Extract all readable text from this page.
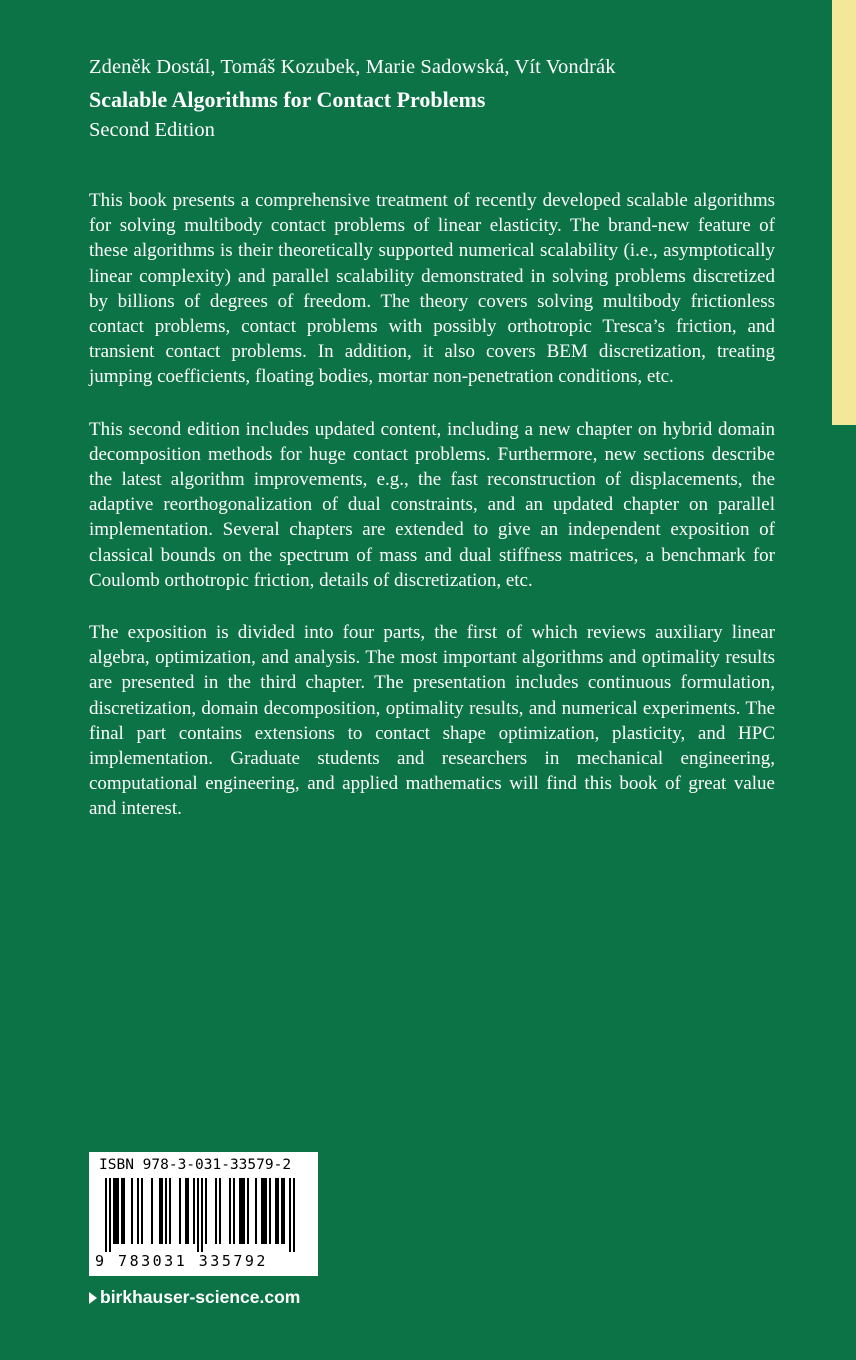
Zdeněk Dostál, Tomáš Kozubek, Marie Sadowská, Vít Vondrák
Scalable Algorithms for Contact Problems
Second Edition

This book presents a comprehensive treatment of recently developed scalable algorithms for solving multibody contact problems of linear elasticity. The brand-new feature of these algorithms is their theoretically supported numerical scalability (i.e., asymptotically linear complexity) and parallel scalability demonstrated in solving problems discretized by billions of degrees of freedom. The theory covers solving multibody frictionless contact problems, contact problems with possibly orthotropic Tresca’s friction, and transient contact problems. In addition, it also covers BEM discretization, treating jumping coefficients, floating bodies, mortar non-penetration conditions, etc.

This second edition includes updated content, including a new chapter on hybrid domain decomposition methods for huge contact problems. Furthermore, new sections describe the latest algorithm improvements, e.g., the fast reconstruction of displacements, the adaptive reorthogonalization of dual constraints, and an updated chapter on parallel implementation. Several chapters are extended to give an independent exposition of classical bounds on the spectrum of mass and dual stiffness matrices, a benchmark for Coulomb orthotropic friction, details of discretization, etc.

The exposition is divided into four parts, the first of which reviews auxiliary linear algebra, optimization, and analysis. The most important algorithms and optimality results are presented in the third chapter. The presentation includes continuous formulation, discretization, domain decomposition, optimality results, and numerical experiments. The final part contains extensions to contact shape optimization, plasticity, and HPC implementation. Graduate students and researchers in mechanical engineering, computational engineering, and applied mathematics will find this book of great value and interest.

ISBN 978-3-031-33579-2
9 783031 335792
birkhauser-science.com
